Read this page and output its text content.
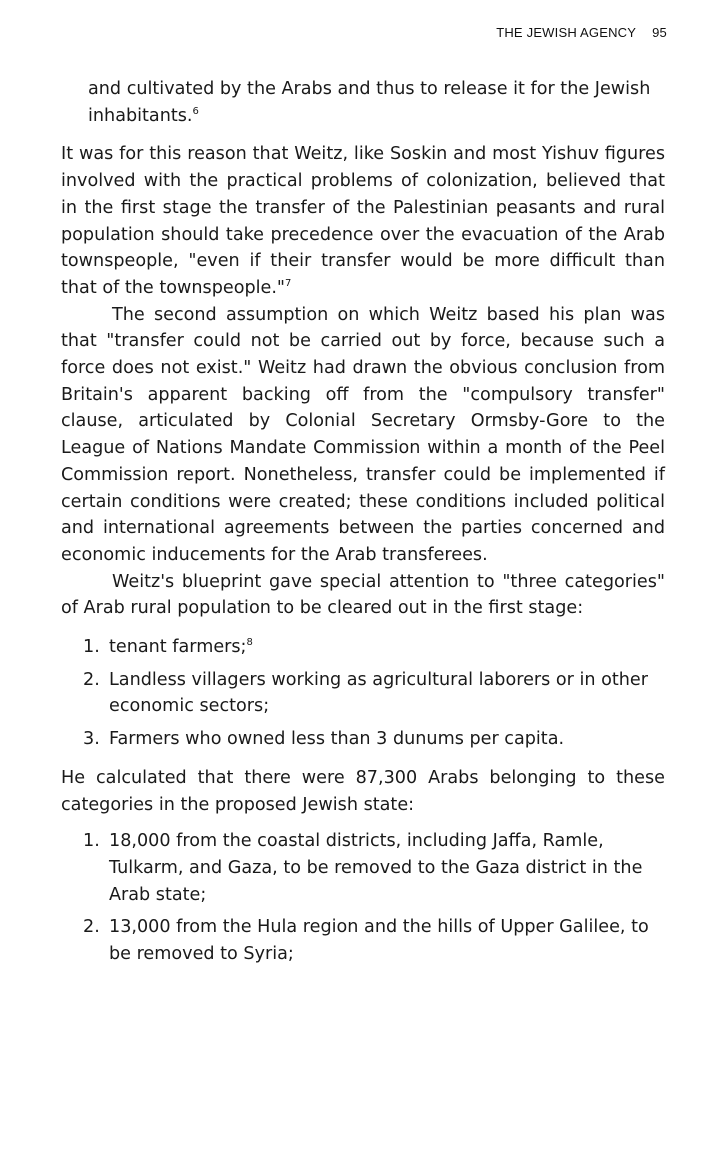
THE JEWISH AGENCY 95

and cultivated by the Arabs and thus to release it for the Jewish inhabitants.$^6$

It was for this reason that Weitz, like Soskin and most Yishuv figures involved with the practical problems of colonization, believed that in the first stage the transfer of the Palestinian peasants and rural population should take precedence over the evacuation of the Arab townspeople, "even if their transfer would be more difficult than that of the townspeople."$^7$

The second assumption on which Weitz based his plan was that "transfer could not be carried out by force, because such a force does not exist." Weitz had drawn the obvious conclusion from Britain's apparent backing off from the "compulsory transfer" clause, articulated by Colonial Secretary Ormsby-Gore to the League of Nations Mandate Commission within a month of the Peel Commission report. Nonetheless, transfer could be implemented if certain conditions were created; these conditions included political and international agreements between the parties concerned and economic inducements for the Arab transferees.

Weitz's blueprint gave special attention to "three categories" of Arab rural population to be cleared out in the first stage:

1. tenant farmers;$^8$
2. Landless villagers working as agricultural laborers or in other economic sectors;
3. Farmers who owned less than 3 dunums per capita.

He calculated that there were 87,300 Arabs belonging to these categories in the proposed Jewish state:

1. 18,000 from the coastal districts, including Jaffa, Ramle, Tulkarm, and Gaza, to be removed to the Gaza district in the Arab state;
2. 13,000 from the Hula region and the hills of Upper Galilee, to be removed to Syria;
